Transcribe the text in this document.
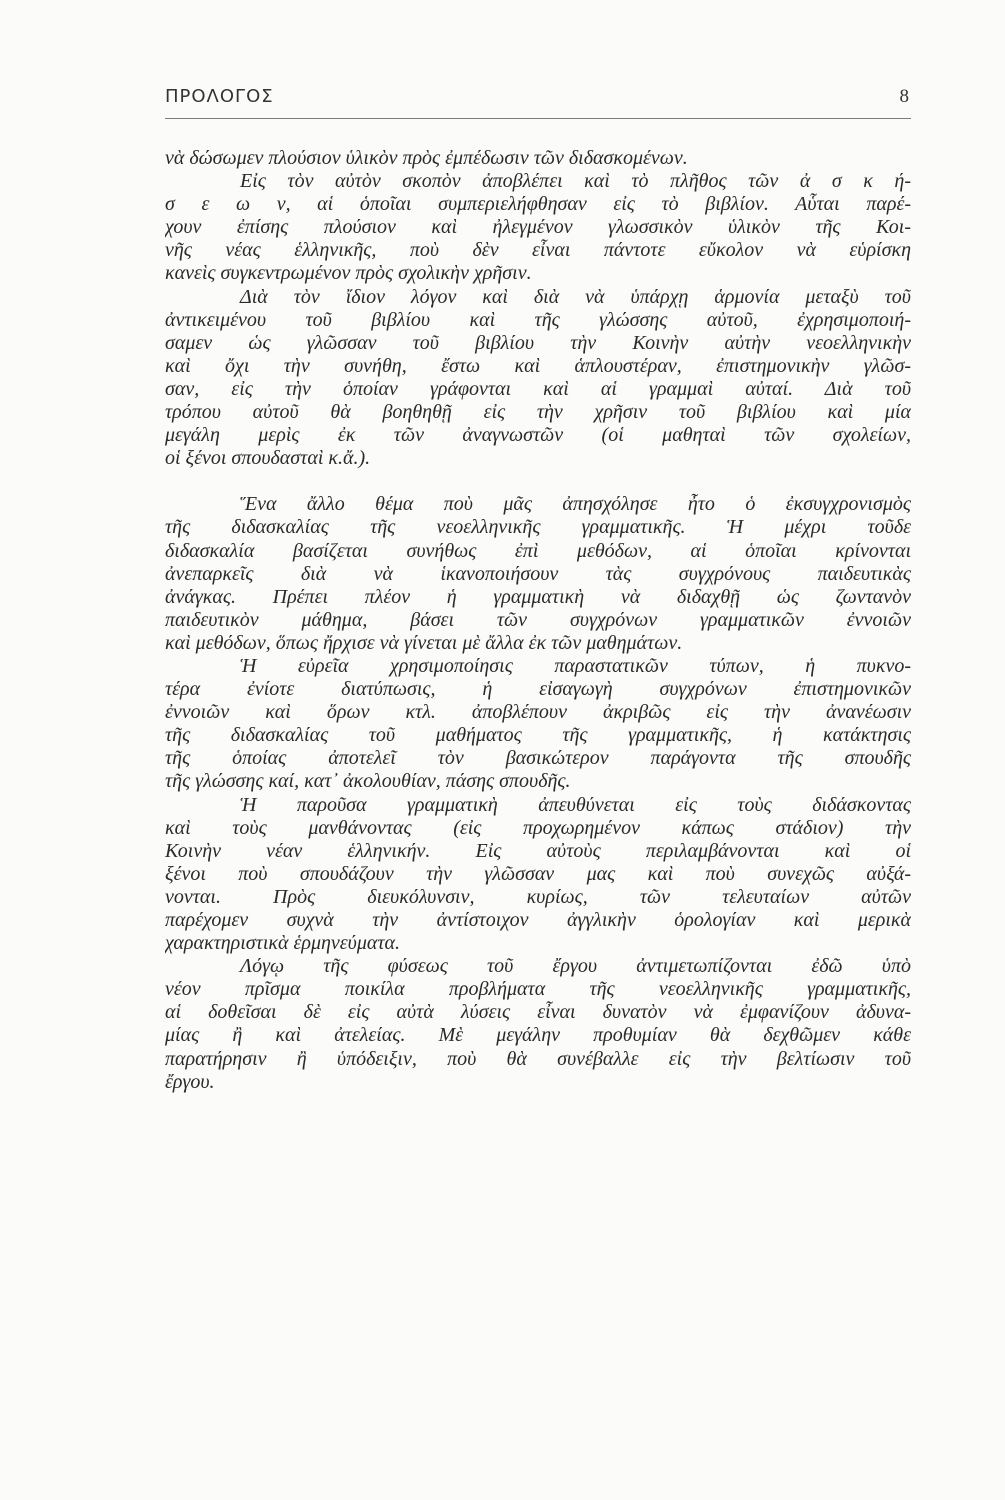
ΠΡΟΛΟΓΟΣ	8
νὰ δώσωμεν πλούσιον ὑλικὸν πρὸς ἐμπέδωσιν τῶν διδασκομένων.
Εἰς τὸν αὐτὸν σκοπὸν ἀποβλέπει καὶ τὸ πλῆθος τῶν ἀ σ κ ή-
σ ε ω ν, αἱ ὁποῖαι συμπεριελήφθησαν εἰς τὸ βιβλίον. Αὗται παρέ-
χουν ἐπίσης πλούσιον καὶ ἠλεγμένον γλωσσικὸν ὑλικὸν τῆς Κοι-
νῆς νέας ἑλληνικῆς, ποὺ δὲν εἶναι πάντοτε εὔκολον νὰ εὑρίσκη
κανεὶς συγκεντρωμένον πρὸς σχολικὴν χρῆσιν.
Διὰ τὸν ἴδιον λόγον καὶ διὰ νὰ ὑπάρχῃ ἁρμονία μεταξὺ τοῦ
ἀντικειμένου τοῦ βιβλίου καὶ τῆς γλώσσης αὐτοῦ, ἐχρησιμοποιή-
σαμεν ὡς γλῶσσαν τοῦ βιβλίου τὴν Κοινὴν αὐτὴν νεοελληνικὴν
καὶ ὄχι τὴν συνήθη, ἔστω καὶ ἁπλουστέραν, ἐπιστημονικὴν γλῶσ-
σαν, εἰς τὴν ὁποίαν γράφονται καὶ αἱ γραμμαὶ αὐταί. Διὰ τοῦ
τρόπου αὐτοῦ θὰ βοηθηθῇ εἰς τὴν χρῆσιν τοῦ βιβλίου καὶ μία
μεγάλη μερὶς ἐκ τῶν ἀναγνωστῶν (οἱ μαθηταὶ τῶν σχολείων,
οἱ ξένοι σπουδασταὶ κ.ἄ.).
Ἕνα ἄλλο θέμα ποὺ μᾶς ἀπησχόλησε ἦτο ὁ ἐκσυγχρονισμὸς
τῆς διδασκαλίας τῆς νεοελληνικῆς γραμματικῆς. Ἡ μέχρι τοῦδε
διδασκαλία βασίζεται συνήθως ἐπὶ μεθόδων, αἱ ὁποῖαι κρίνονται
ἀνεπαρκεῖς διὰ νὰ ἱκανοποιήσουν τὰς συγχρόνους παιδευτικὰς
ἀνάγκας. Πρέπει πλέον ἡ γραμματικὴ νὰ διδαχθῇ ὡς ζωντανὸν
παιδευτικὸν μάθημα, βάσει τῶν συγχρόνων γραμματικῶν ἐννοιῶν
καὶ μεθόδων, ὅπως ἤρχισε νὰ γίνεται μὲ ἄλλα ἐκ τῶν μαθημάτων.
Ἡ εὐρεῖα χρησιμοποίησις παραστατικῶν τύπων, ἡ πυκνο-
τέρα ἐνίοτε διατύπωσις, ἡ εἰσαγωγὴ συγχρόνων ἐπιστημονικῶν
ἐννοιῶν καὶ ὅρων κτλ. ἀποβλέπουν ἀκριβῶς εἰς τὴν ἀνανέωσιν
τῆς διδασκαλίας τοῦ μαθήματος τῆς γραμματικῆς, ἡ κατάκτησις
τῆς ὁποίας ἀποτελεῖ τὸν βασικώτερον παράγοντα τῆς σπουδῆς
τῆς γλώσσης καί, κατ᾽ ἀκολουθίαν, πάσης σπουδῆς.
Ἡ παροῦσα γραμματικὴ ἀπευθύνεται εἰς τοὺς διδάσκοντας
καὶ τοὺς μανθάνοντας (εἰς προχωρημένον κάπως στάδιον) τὴν
Κοινὴν νέαν ἑλληνικήν. Εἰς αὐτοὺς περιλαμβάνονται καὶ οἱ
ξένοι ποὺ σπουδάζουν τὴν γλῶσσαν μας καὶ ποὺ συνεχῶς αὐξά-
νονται. Πρὸς διευκόλυνσιν, κυρίως, τῶν τελευταίων αὐτῶν
παρέχομεν συχνὰ τὴν ἀντίστοιχον ἀγγλικὴν ὁρολογίαν καὶ μερικὰ
χαρακτηριστικὰ ἑρμηνεύματα.
Λόγῳ τῆς φύσεως τοῦ ἔργου ἀντιμετωπίζονται ἐδῶ ὑπὸ
νέον πρῖσμα ποικίλα προβλήματα τῆς νεοελληνικῆς γραμματικῆς,
αἱ δοθεῖσαι δὲ εἰς αὐτὰ λύσεις εἶναι δυνατὸν νὰ ἐμφανίζουν ἀδυνα-
μίας ἢ καὶ ἀτελείας. Μὲ μεγάλην προθυμίαν θὰ δεχθῶμεν κάθε
παρατήρησιν ἢ ὑπόδειξιν, ποὺ θὰ συνέβαλλε εἰς τὴν βελτίωσιν τοῦ
ἔργου.
